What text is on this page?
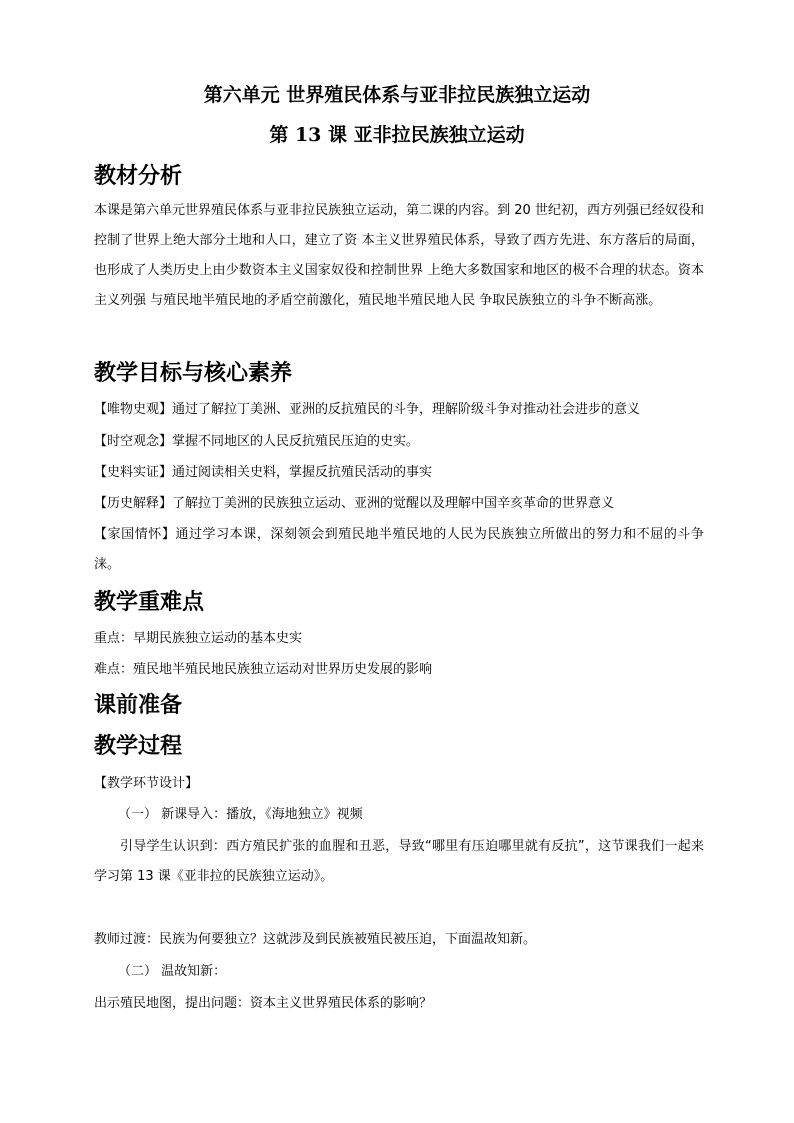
第六单元 世界殖民体系与亚非拉民族独立运动
第 13 课 亚非拉民族独立运动
教材分析
本课是第六单元世界殖民体系与亚非拉民族独立运动，第二课的内容。到 20 世纪初，西方列强已经奴役和控制了世界上绝大部分土地和人口，建立了资 本主义世界殖民体系，导致了西方先进、东方落后的局面， 也形成了人类历史上由少数资本主义国家奴役和控制世界 上绝大多数国家和地区的极不合理的状态。资本主义列强 与殖民地半殖民地的矛盾空前激化，殖民地半殖民地人民 争取民族独立的斗争不断高涨。
教学目标与核心素养
【唯物史观】通过了解拉丁美洲、亚洲的反抗殖民的斗争，理解阶级斗争对推动社会进步的意义
【时空观念】掌握不同地区的人民反抗殖民压迫的史实。
【史料实证】通过阅读相关史料，掌握反抗殖民活动的事实
【历史解释】了解拉丁美洲的民族独立运动、亚洲的觉醒以及理解中国辛亥革命的世界意义
【家国情怀】通过学习本课，深刻领会到殖民地半殖民地的人民为民族独立所做出的努力和不屈的斗争涞。
教学重难点
重点：早期民族独立运动的基本史实
难点：殖民地半殖民地民族独立运动对世界历史发展的影响
课前准备
教学过程
【教学环节设计】
（一） 新课导入：播放，《海地独立》视频
引导学生认识到：西方殖民扩张的血腥和丑恶，导致“哪里有压迫哪里就有反抗”，这节课我们一起来学习第 13 课《亚非拉的民族独立运动》。
教师过渡：民族为何要独立？这就涉及到民族被殖民被压迫，下面温故知新。
（二） 温故知新：
出示殖民地图，提出问题：资本主义世界殖民体系的影响？
